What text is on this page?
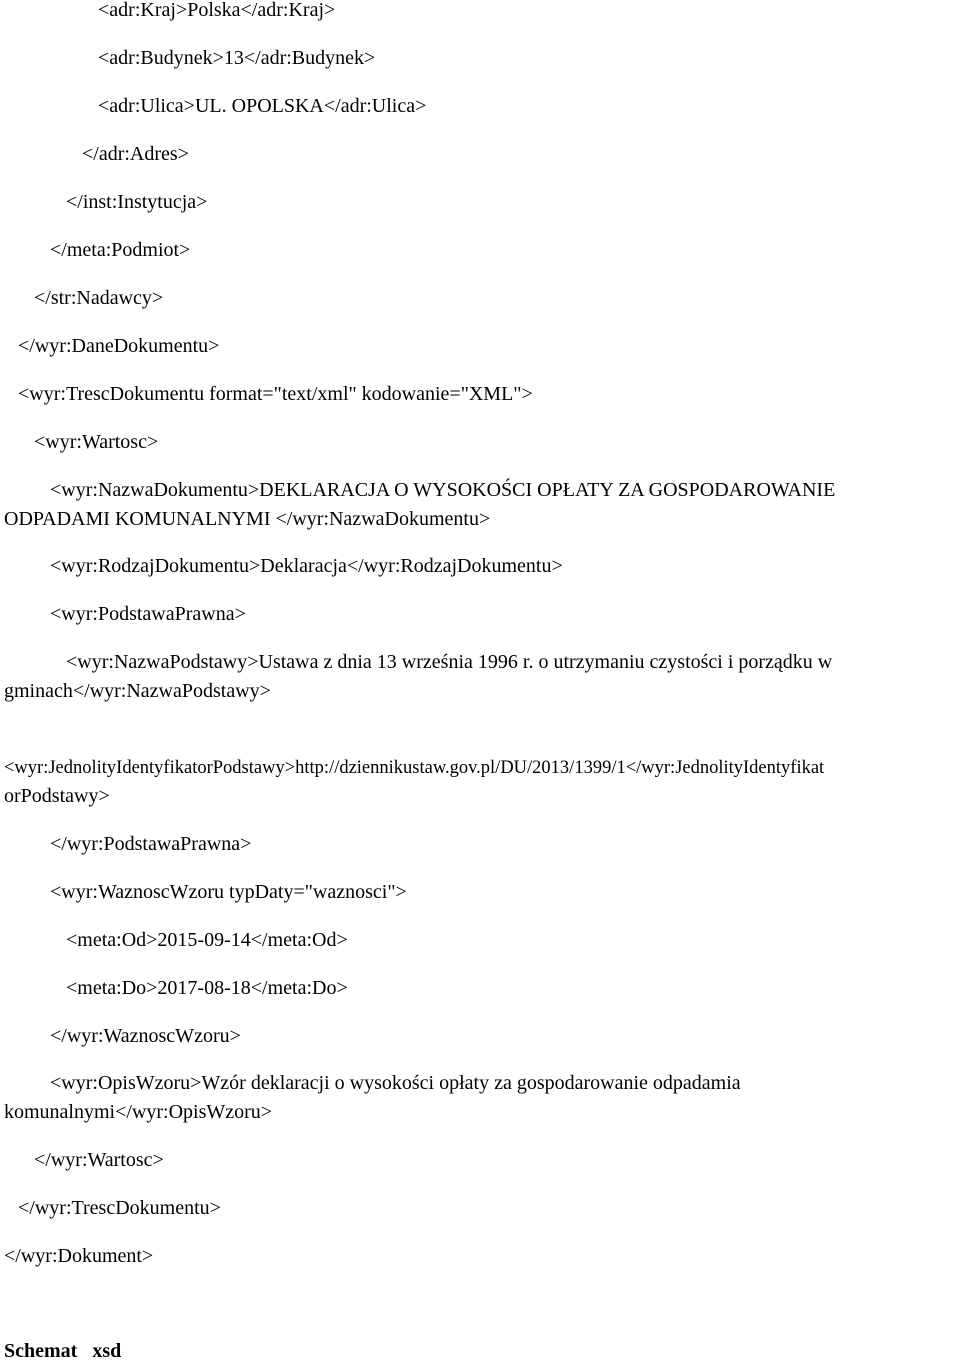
<adr:Kraj>Polska</adr:Kraj>
<adr:Budynek>13</adr:Budynek>
<adr:Ulica>UL. OPOLSKA</adr:Ulica>
</adr:Adres>
</inst:Instytucja>
</meta:Podmiot>
</str:Nadawcy>
</wyr:DaneDokumentu>
<wyr:TrescDokumentu format="text/xml" kodowanie="XML">
<wyr:Wartosc>
<wyr:NazwaDokumentu>DEKLARACJA O WYSOKOŚCI OPŁATY ZA GOSPODAROWANIE
ODPADAMI KOMUNALNYMI </wyr:NazwaDokumentu>
<wyr:RodzajDokumentu>Deklaracja</wyr:RodzajDokumentu>
<wyr:PodstawaPrawna>
<wyr:NazwaPodstawy>Ustawa z dnia 13 września 1996 r. o utrzymaniu czystości i porządku w
gminach</wyr:NazwaPodstawy>
<wyr:JednolityIdentyfikatorPodstawy>http://dziennikustaw.gov.pl/DU/2013/1399/1</wyr:JednolityIdentyfikat
orPodstawy>
</wyr:PodstawaPrawna>
<wyr:WaznoscWzoru typDaty="waznosci">
<meta:Od>2015-09-14</meta:Od>
<meta:Do>2017-08-18</meta:Do>
</wyr:WaznoscWzoru>
<wyr:OpisWzoru>Wzór deklaracji o wysokości opłaty za gospodarowanie odpadamia
komunalnymi</wyr:OpisWzoru>
</wyr:Wartosc>
</wyr:TrescDokumentu>
</wyr:Dokument>
Schemat   xsd
